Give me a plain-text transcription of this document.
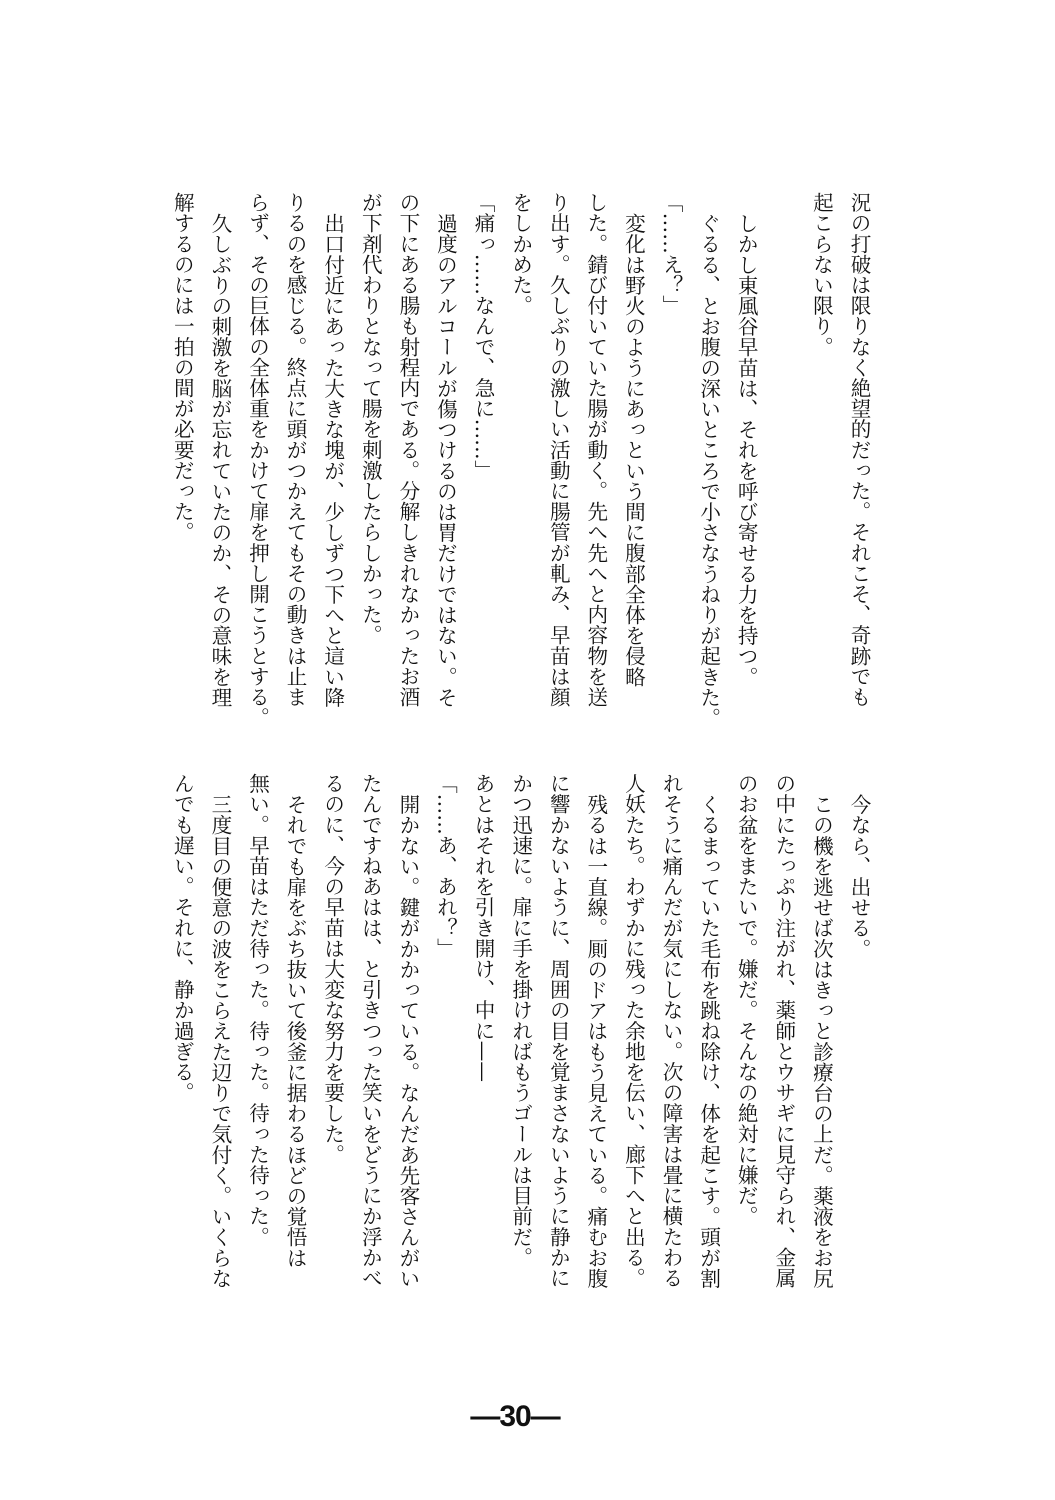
況の打破は限りなく絶望的だった。それこそ、奇跡でも
起こらない限り。

しかし東風谷早苗は、それを呼び寄せる力を持つ。
ぐるる、とお腹の深いところで小さなうねりが起きた。
「……え？」
変化は野火のようにあっという間に腹部全体を侵略
した。錆び付いていた腸が動く。先へ先へと内容物を送
り出す。久しぶりの激しい活動に腸管が軋み、早苗は顔
をしかめた。
「痛っ……なんで、急に……」
過度のアルコールが傷つけるのは胃だけではない。そ
の下にある腸も射程内である。分解しきれなかったお酒
が下剤代わりとなって腸を刺激したらしかった。
出口付近にあった大きな塊が、少しずつ下へと這い降
りるのを感じる。終点に頭がつかえてもその動きは止ま
らず、その巨体の全体重をかけて扉を押し開こうとする。
久しぶりの刺激を脳が忘れていたのか、その意味を理
解するのには一拍の間が必要だった。
今なら、出せる。
この機を逃せば次はきっと診療台の上だ。薬液をお尻
の中にたっぷり注がれ、薬師とウサギに見守られ、金属
のお盆をまたいで。嫌だ。そんなの絶対に嫌だ。
くるまっていた毛布を跳ね除け、体を起こす。頭が割
れそうに痛んだが気にしない。次の障害は畳に横たわる
人妖たち。わずかに残った余地を伝い、廊下へと出る。
残るは一直線。厠のドアはもう見えている。痛むお腹
に響かないように、周囲の目を覚まさないように静かに
かつ迅速に。扉に手を掛ければもうゴールは目前だ。
あとはそれを引き開け、中に——
「……あ、あれ？」
開かない。鍵がかかっている。なんだあ先客さんがい
たんですねあはは、と引きつった笑いをどうにか浮かべ
るのに、今の早苗は大変な努力を要した。
それでも扉をぶち抜いて後釜に据わるほどの覚悟は
無い。早苗はただ待った。待った。待った待った。
三度目の便意の波をこらえた辺りで気付く。いくらな
んでも遅い。それに、静か過ぎる。
—30—
